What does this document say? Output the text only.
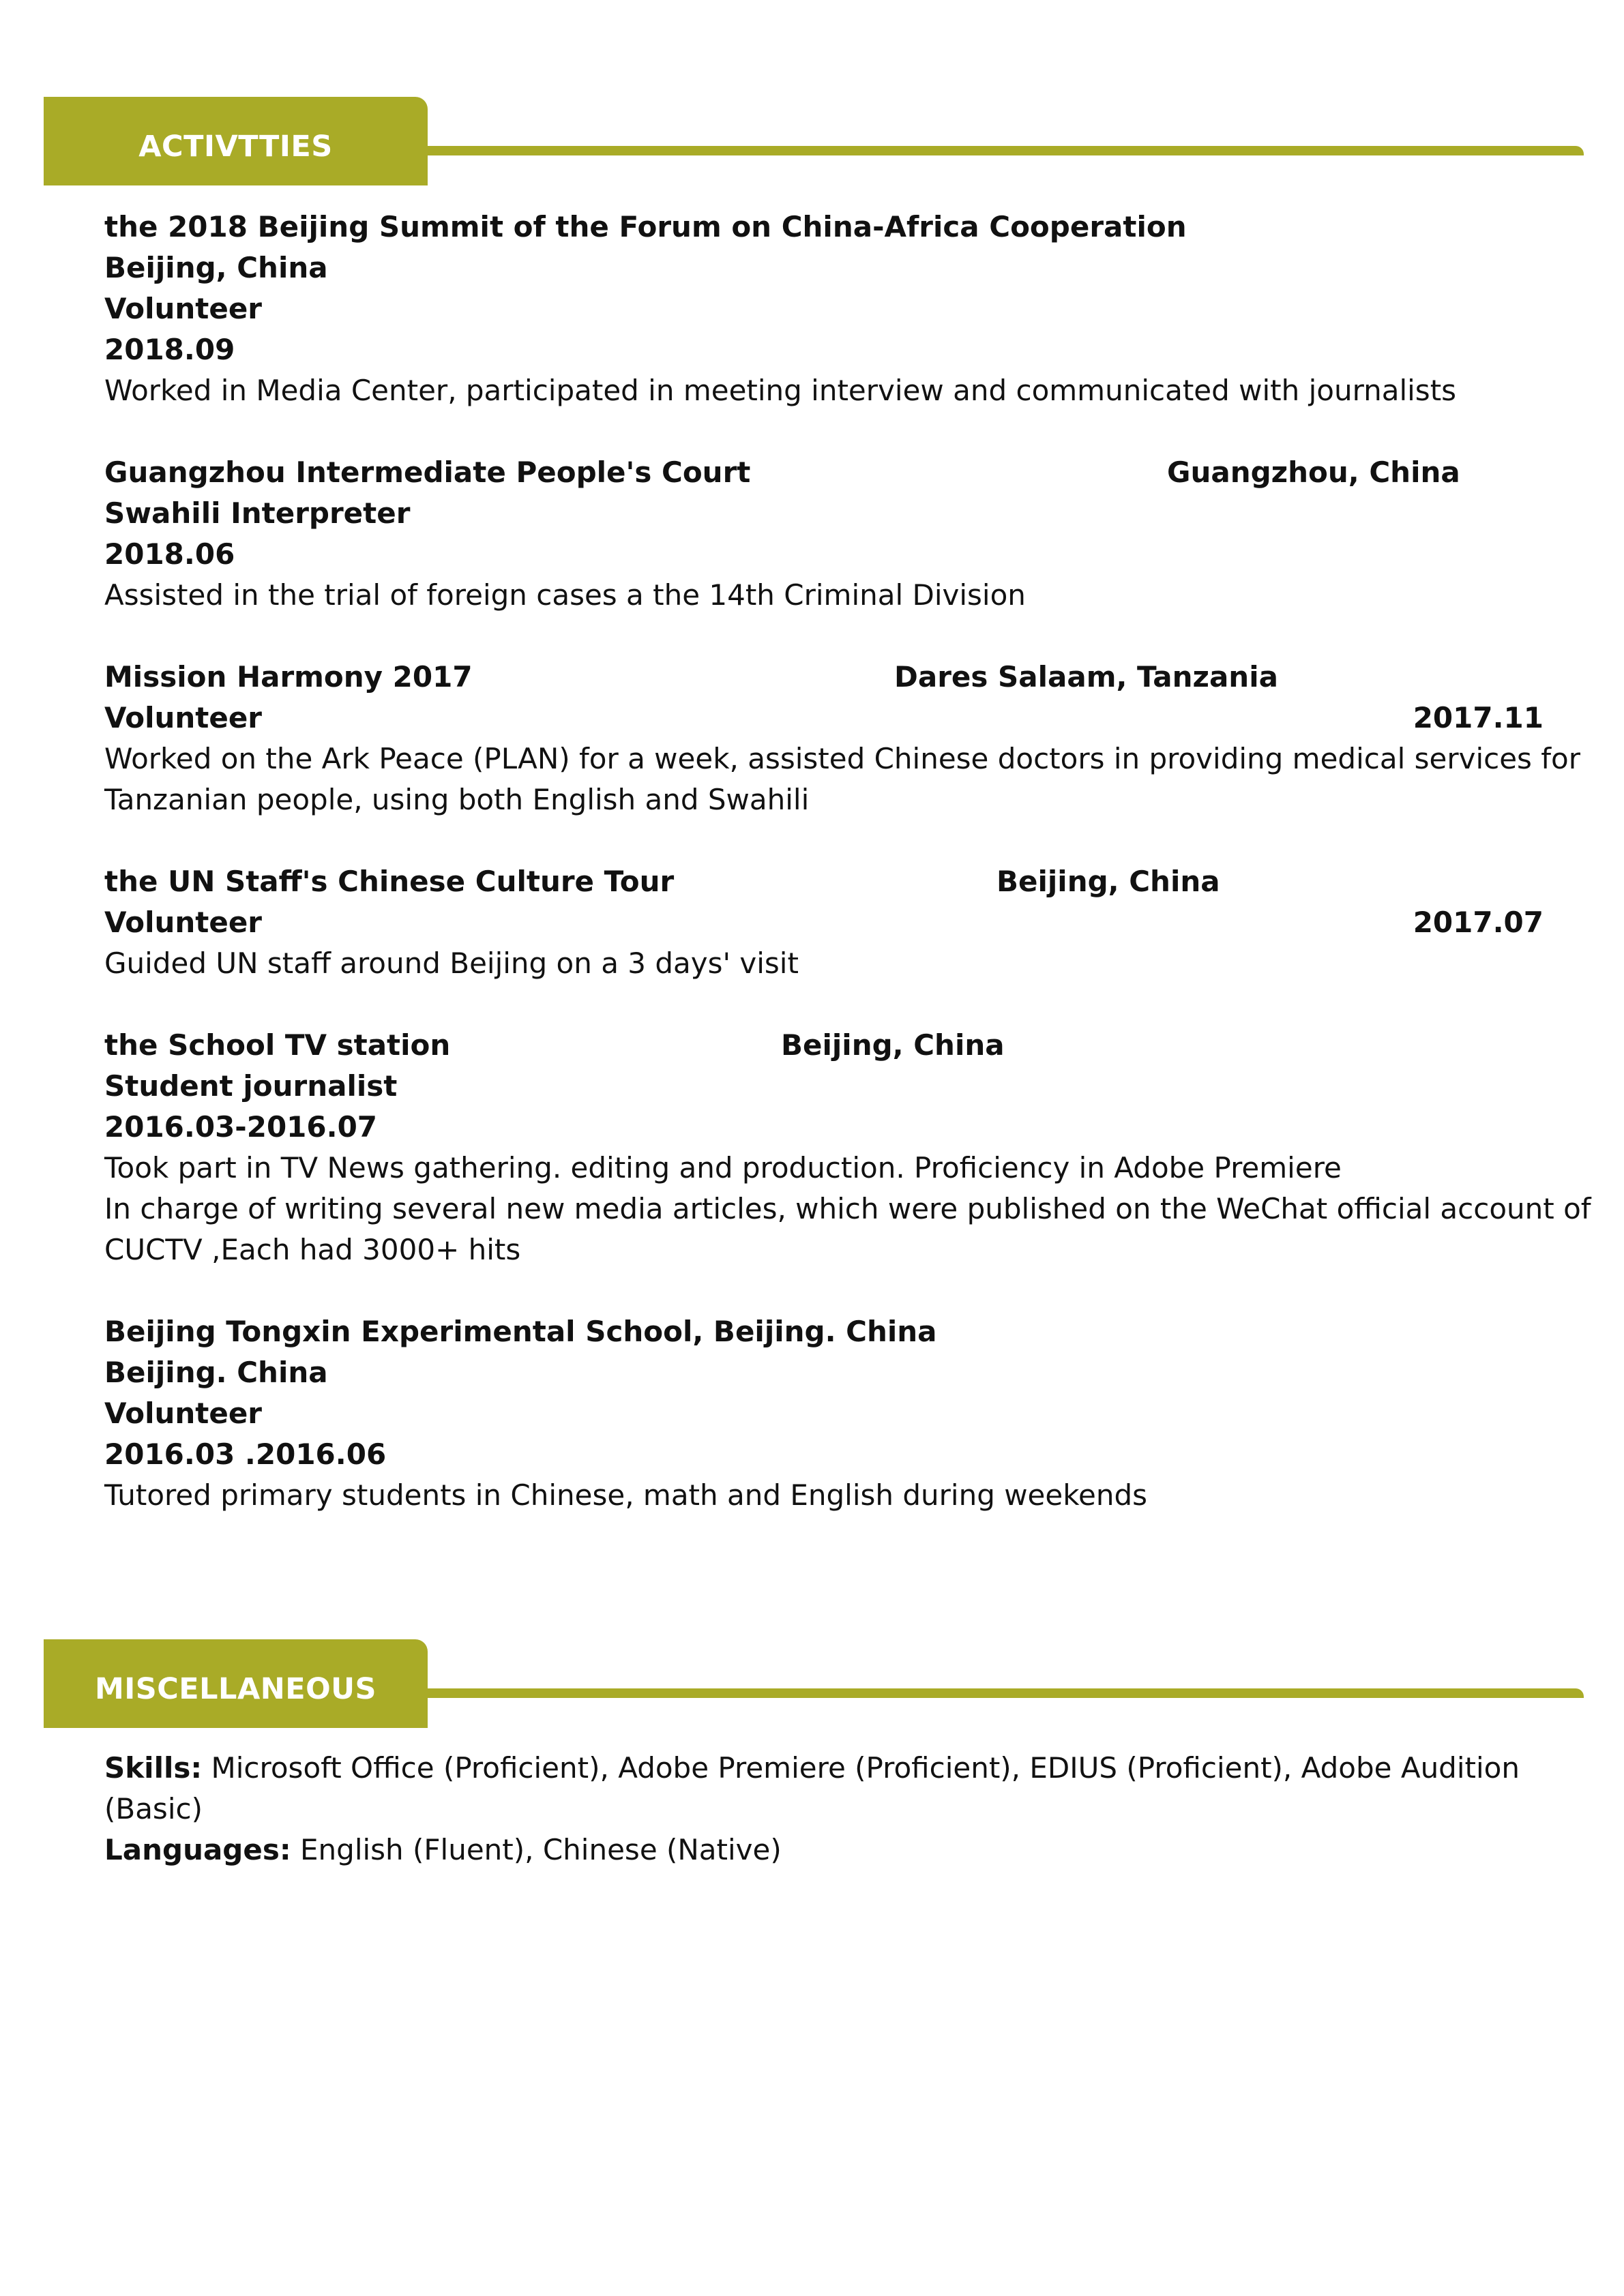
ACTIVTTIES
the 2018 Beijing Summit of the Forum on China-Africa Cooperation
Beijing, China
Volunteer
2018.09
Worked in Media Center, participated in meeting interview and communicated with journalists
Guangzhou Intermediate People's Court	Guangzhou, China
Swahili Interpreter
2018.06
Assisted in the trial of foreign cases a the 14th Criminal Division
Mission Harmony 2017	Dares Salaam, Tanzania
Volunteer	2017.11
Worked on the Ark Peace (PLAN) for a week, assisted Chinese doctors in providing medical services for
Tanzanian people, using both English and Swahili
the UN Staff's Chinese Culture Tour	Beijing, China
Volunteer	2017.07
Guided UN staff around Beijing on a 3 days' visit
the School TV station	Beijing, China
Student journalist
2016.03-2016.07
Took part in TV News gathering. editing and production. Proficiency in Adobe Premiere
In charge of writing several new media articles, which were published on the WeChat official account of
CUCTV ,Each had 3000+ hits
Beijing Tongxin Experimental School, Beijing. China
Beijing. China
Volunteer
2016.03 .2016.06
Tutored primary students in Chinese, math and English during weekends
MISCELLANEOUS
Skills: Microsoft Office (Proficient), Adobe Premiere (Proficient), EDIUS (Proficient), Adobe Audition
(Basic)
Languages: English (Fluent), Chinese (Native)
